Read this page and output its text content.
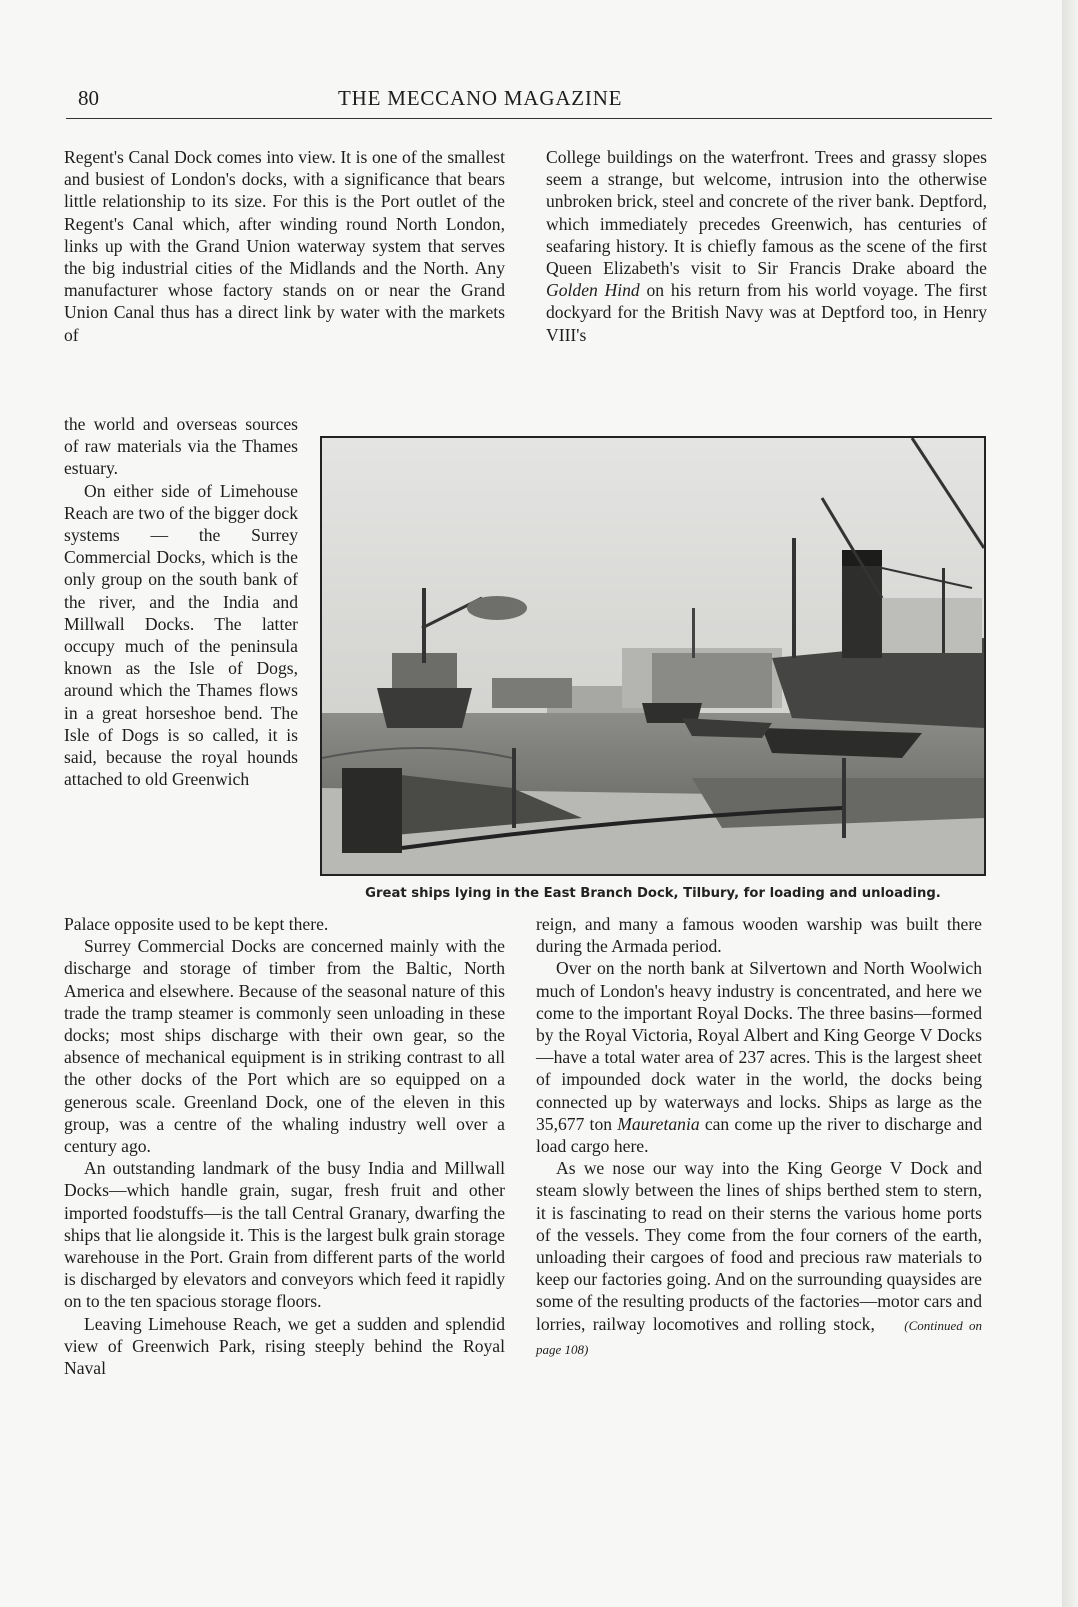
80	THE MECCANO MAGAZINE

Regent's Canal Dock comes into view. It is one of the smallest and busiest of London's docks, with a significance that bears little relationship to its size. For this is the Port outlet of the Regent's Canal which, after winding round North London, links up with the Grand Union waterway system that serves the big industrial cities of the Midlands and the North. Any manufacturer whose factory stands on or near the Grand Union Canal thus has a direct link by water with the markets of

College buildings on the waterfront. Trees and grassy slopes seem a strange, but welcome, intrusion into the otherwise unbroken brick, steel and concrete of the river bank. Deptford, which immediately precedes Greenwich, has centuries of seafaring history. It is chiefly famous as the scene of the first Queen Elizabeth's visit to Sir Francis Drake aboard the Golden Hind on his return from his world voyage. The first dockyard for the British Navy was at Deptford too, in Henry VIII's

the world and overseas sources of raw materials via the Thames estuary.

On either side of Limehouse Reach are two of the bigger dock systems — the Surrey Commercial Docks, which is the only group on the south bank of the river, and the India and Millwall Docks. The latter occupy much of the peninsula known as the Isle of Dogs, around which the Thames flows in a great horseshoe bend. The Isle of Dogs is so called, it is said, because the royal hounds attached to old Greenwich

Great ships lying in the East Branch Dock, Tilbury, for loading and unloading.

Palace opposite used to be kept there.

Surrey Commercial Docks are concerned mainly with the discharge and storage of timber from the Baltic, North America and elsewhere. Because of the seasonal nature of this trade the tramp steamer is commonly seen unloading in these docks; most ships discharge with their own gear, so the absence of mechanical equipment is in striking contrast to all the other docks of the Port which are so equipped on a generous scale. Greenland Dock, one of the eleven in this group, was a centre of the whaling industry well over a century ago.

An outstanding landmark of the busy India and Millwall Docks—which handle grain, sugar, fresh fruit and other imported foodstuffs—is the tall Central Granary, dwarfing the ships that lie alongside it. This is the largest bulk grain storage warehouse in the Port. Grain from different parts of the world is discharged by elevators and conveyors which feed it rapidly on to the ten spacious storage floors.

Leaving Limehouse Reach, we get a sudden and splendid view of Greenwich Park, rising steeply behind the Royal Naval

reign, and many a famous wooden warship was built there during the Armada period.

Over on the north bank at Silvertown and North Woolwich much of London's heavy industry is concentrated, and here we come to the important Royal Docks. The three basins—formed by the Royal Victoria, Royal Albert and King George V Docks—have a total water area of 237 acres. This is the largest sheet of impounded dock water in the world, the docks being connected up by waterways and locks. Ships as large as the 35,677 ton Mauretania can come up the river to discharge and load cargo here.

As we nose our way into the King George V Dock and steam slowly between the lines of ships berthed stem to stern, it is fascinating to read on their sterns the various home ports of the vessels. They come from the four corners of the earth, unloading their cargoes of food and precious raw materials to keep our factories going. And on the surrounding quaysides are some of the resulting products of the factories—motor cars and lorries, railway locomotives and rolling stock, (Continued on page 108)
